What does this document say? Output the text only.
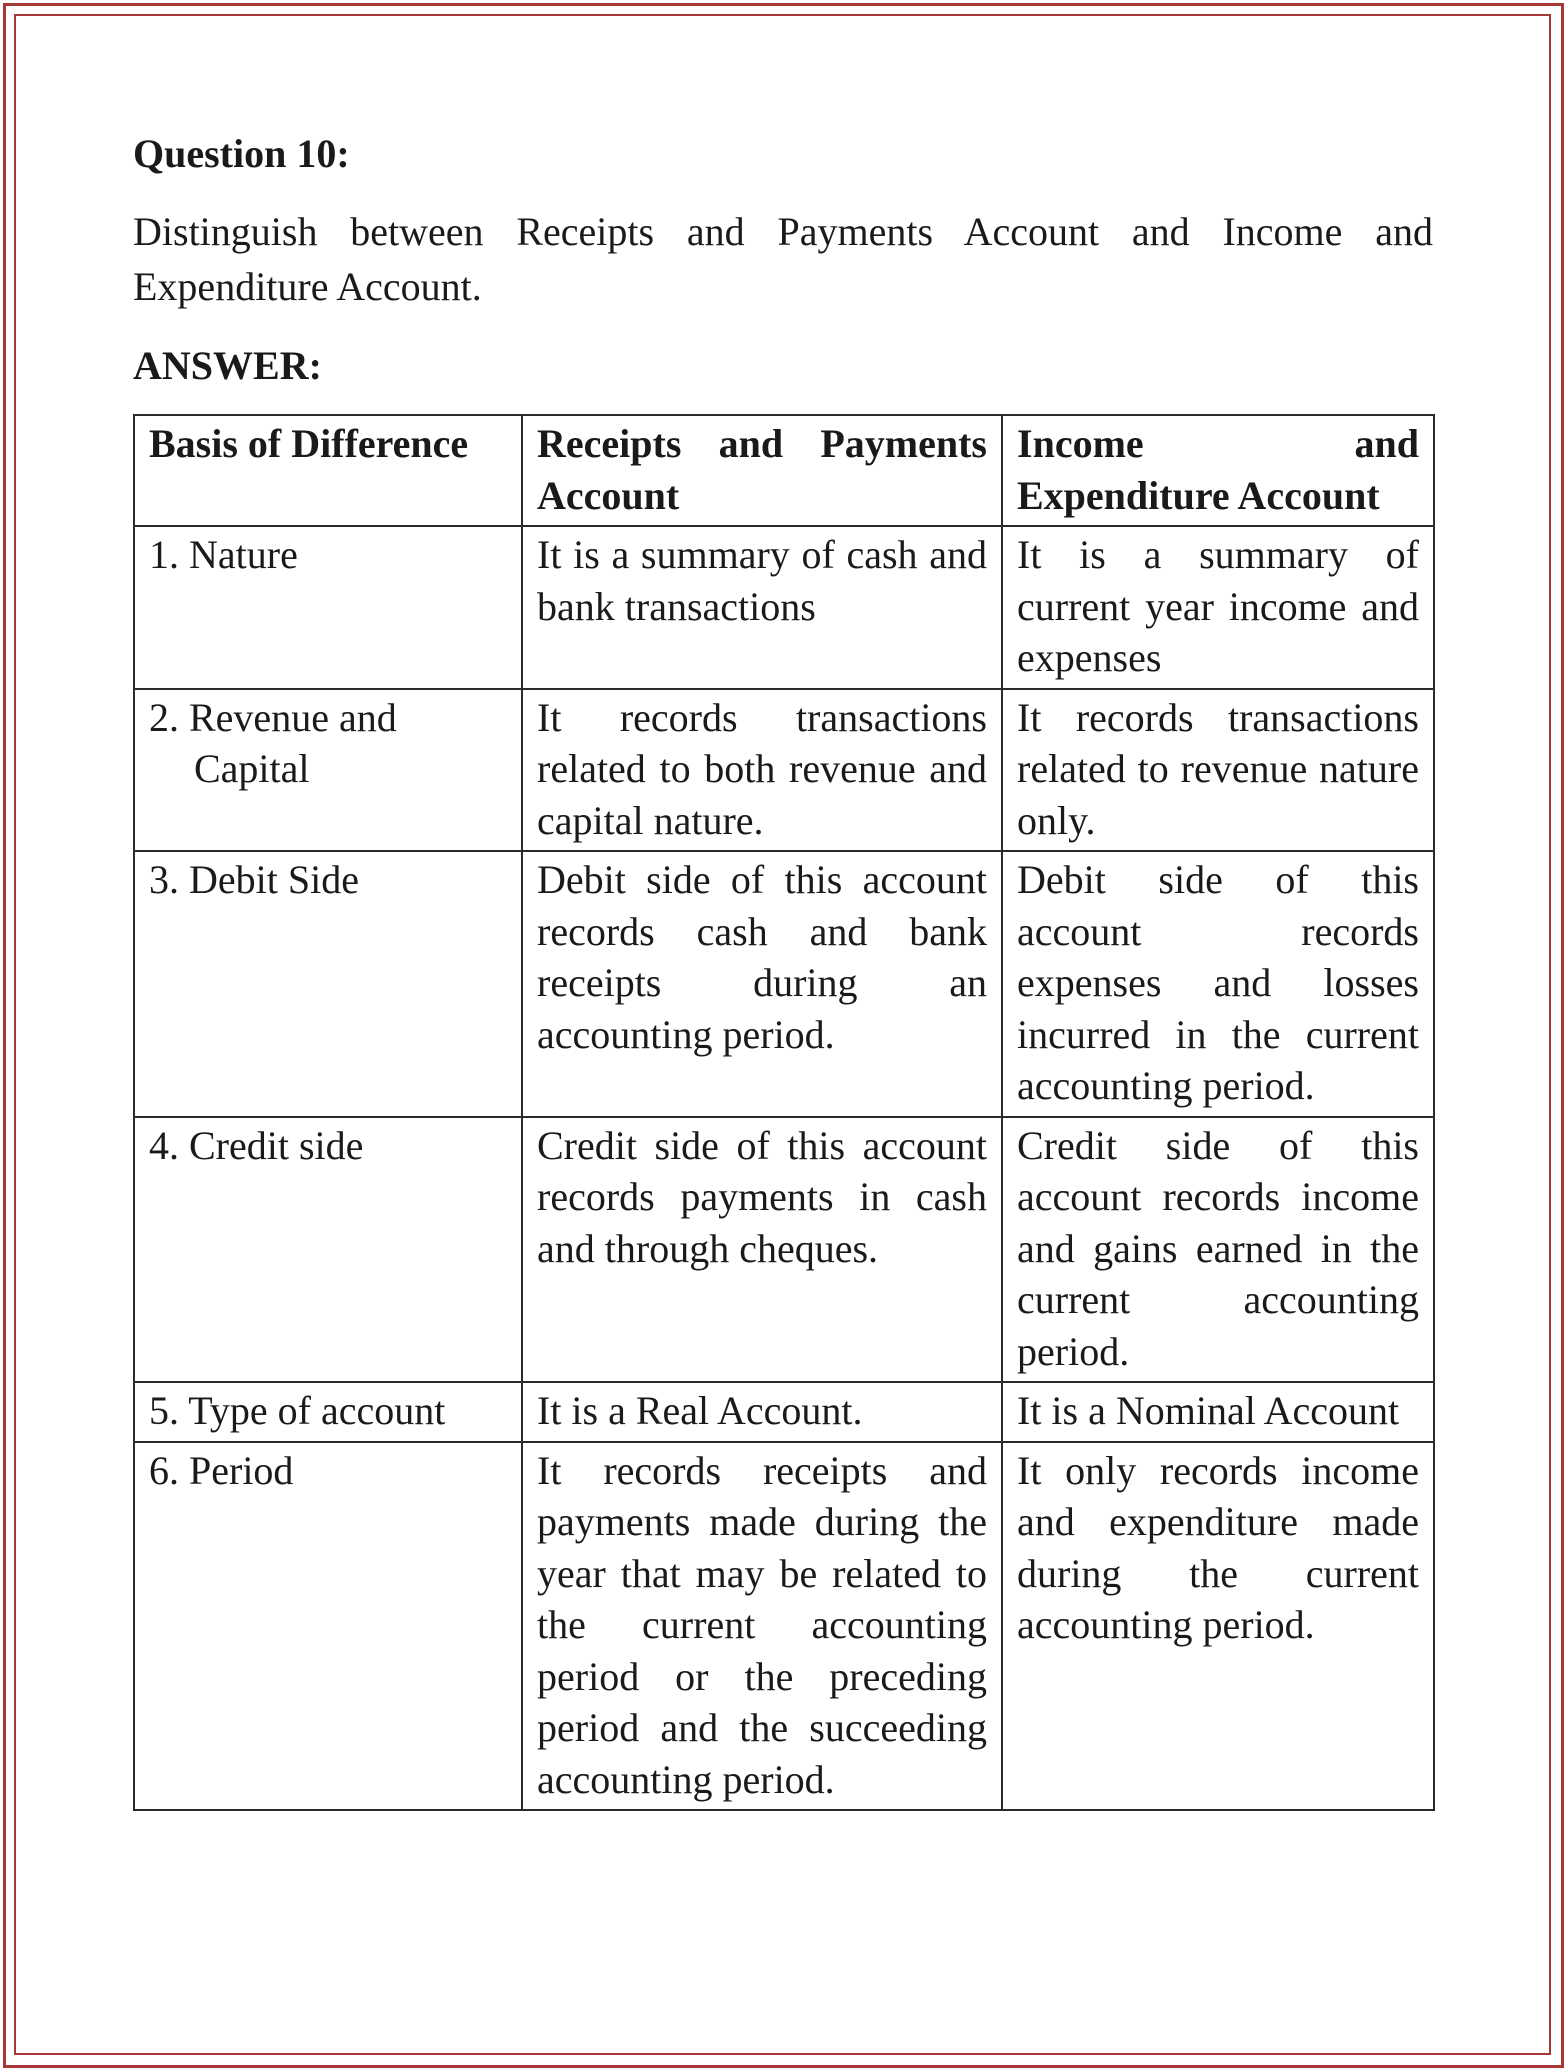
Question 10:
Distinguish between Receipts and Payments Account and Income and Expenditure Account.
ANSWER:
Basis of Difference	Receipts and Payments Account	Income and Expenditure Account

1. Nature	It is a summary of cash and bank transactions	It is a summary of current year income and expenses

2. Revenue and Capital	It records transactions related to both revenue and capital nature.	It records transactions related to revenue nature only.

3. Debit Side	Debit side of this account records cash and bank receipts during an accounting period.	Debit side of this account records expenses and losses incurred in the current accounting period.

4. Credit side	Credit side of this account records payments in cash and through cheques.	Credit side of this account records income and gains earned in the current accounting period.

5. Type of account	It is a Real Account.	It is a Nominal Account

6. Period	It records receipts and payments made during the year that may be related to the current accounting period or the preceding period and the succeeding accounting period.	It only records income and expenditure made during the current accounting period.
